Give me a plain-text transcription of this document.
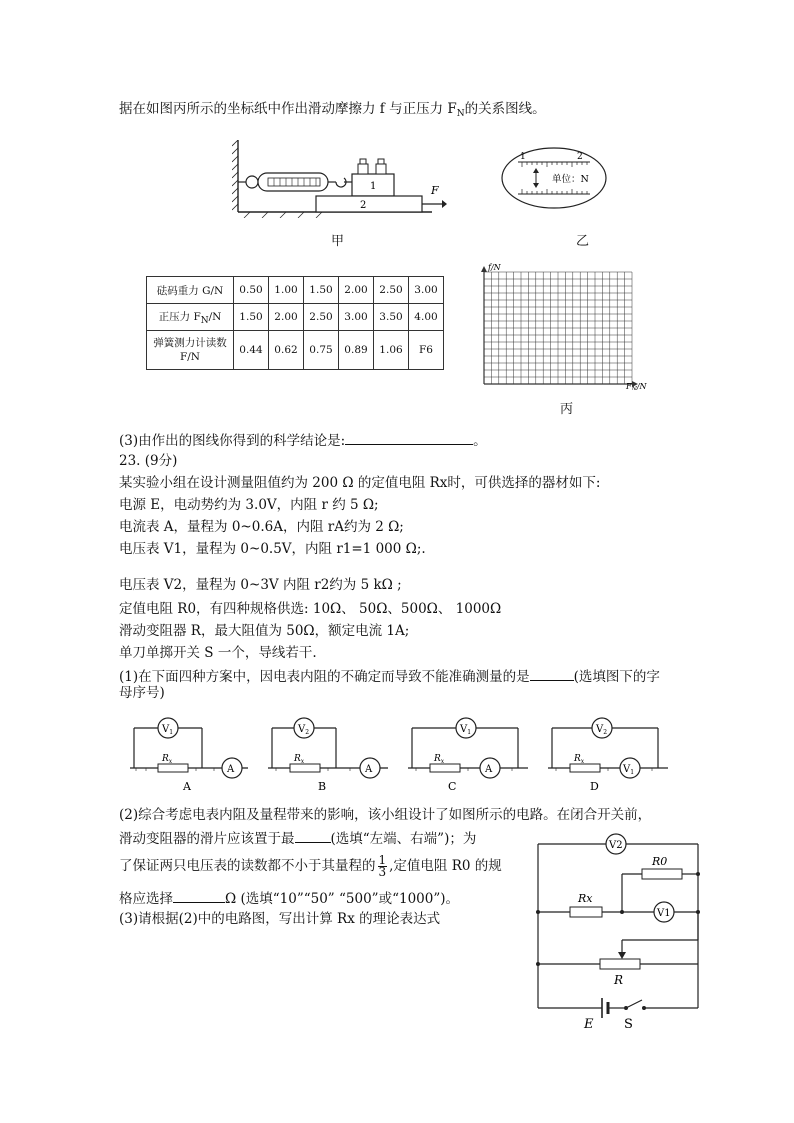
据在如图丙所示的坐标纸中作出滑动摩擦力 f 与正压力 $F_N$的关系图线。
1
2
F
甲
1	2
单位：N
乙
砝码重力 G/N	0.50	1.00	1.50	2.00	2.50	3.00
正压力 FN/N	1.50	2.00	2.50	3.00	3.50	4.00
弹簧测力计读数 F/N	0.44	0.62	0.75	0.89	1.06	F6
f/N
$F_N/N$
丙
(3)由作出的图线你得到的科学结论是:	。
23. (9分)
某实验小组在设计测量阻值约为 200 Ω 的定值电阻 Rx时，可供选择的器材如下:
电源 E，电动势约为 3.0V，内阻 r 约 5 Ω;
电流表 A，量程为 0~0.6A，内阻 rA约为 2 Ω;
电压表 V1，量程为 0~0.5V，内阻 r1=1 000 Ω;.
电压表 V2，量程为 0~3V 内阻 r2约为 5 kΩ ;
定值电阻 R0，有四种规格供选: 10Ω、 50Ω、500Ω、 1000Ω
滑动变阻器 R，最大阻值为 50Ω，额定电流 1A;
单刀单掷开关 S 一个，导线若干.
(1)在下面四种方案中，因电表内阻的不确定而导致不能准确测量的是	(选填图下的字
母序号)
A
$R_x$
$V_1$
A
A
$R_x$
$V_2$
B
A
$R_x$
$V_1$
C
$V_1$
$R_x$
$V_2$
D
(2)综合考虑电表内阻及量程带来的影响，该小组设计了如图所示的电路。在闭合开关前，
滑动变阻器的滑片应该置于最	(选填“左端、右端”)；为
了保证两只电压表的读数都不小于其量程的 $\frac{1}{3}$ ,定值电阻 R0 的规
格应选择	Ω (选填“10”“50” “500”或“1000”)。
(3)请根据(2)中的电路图，写出计算 Rx 的理论表达式
V2
Rx
V1
R0
R
E S
